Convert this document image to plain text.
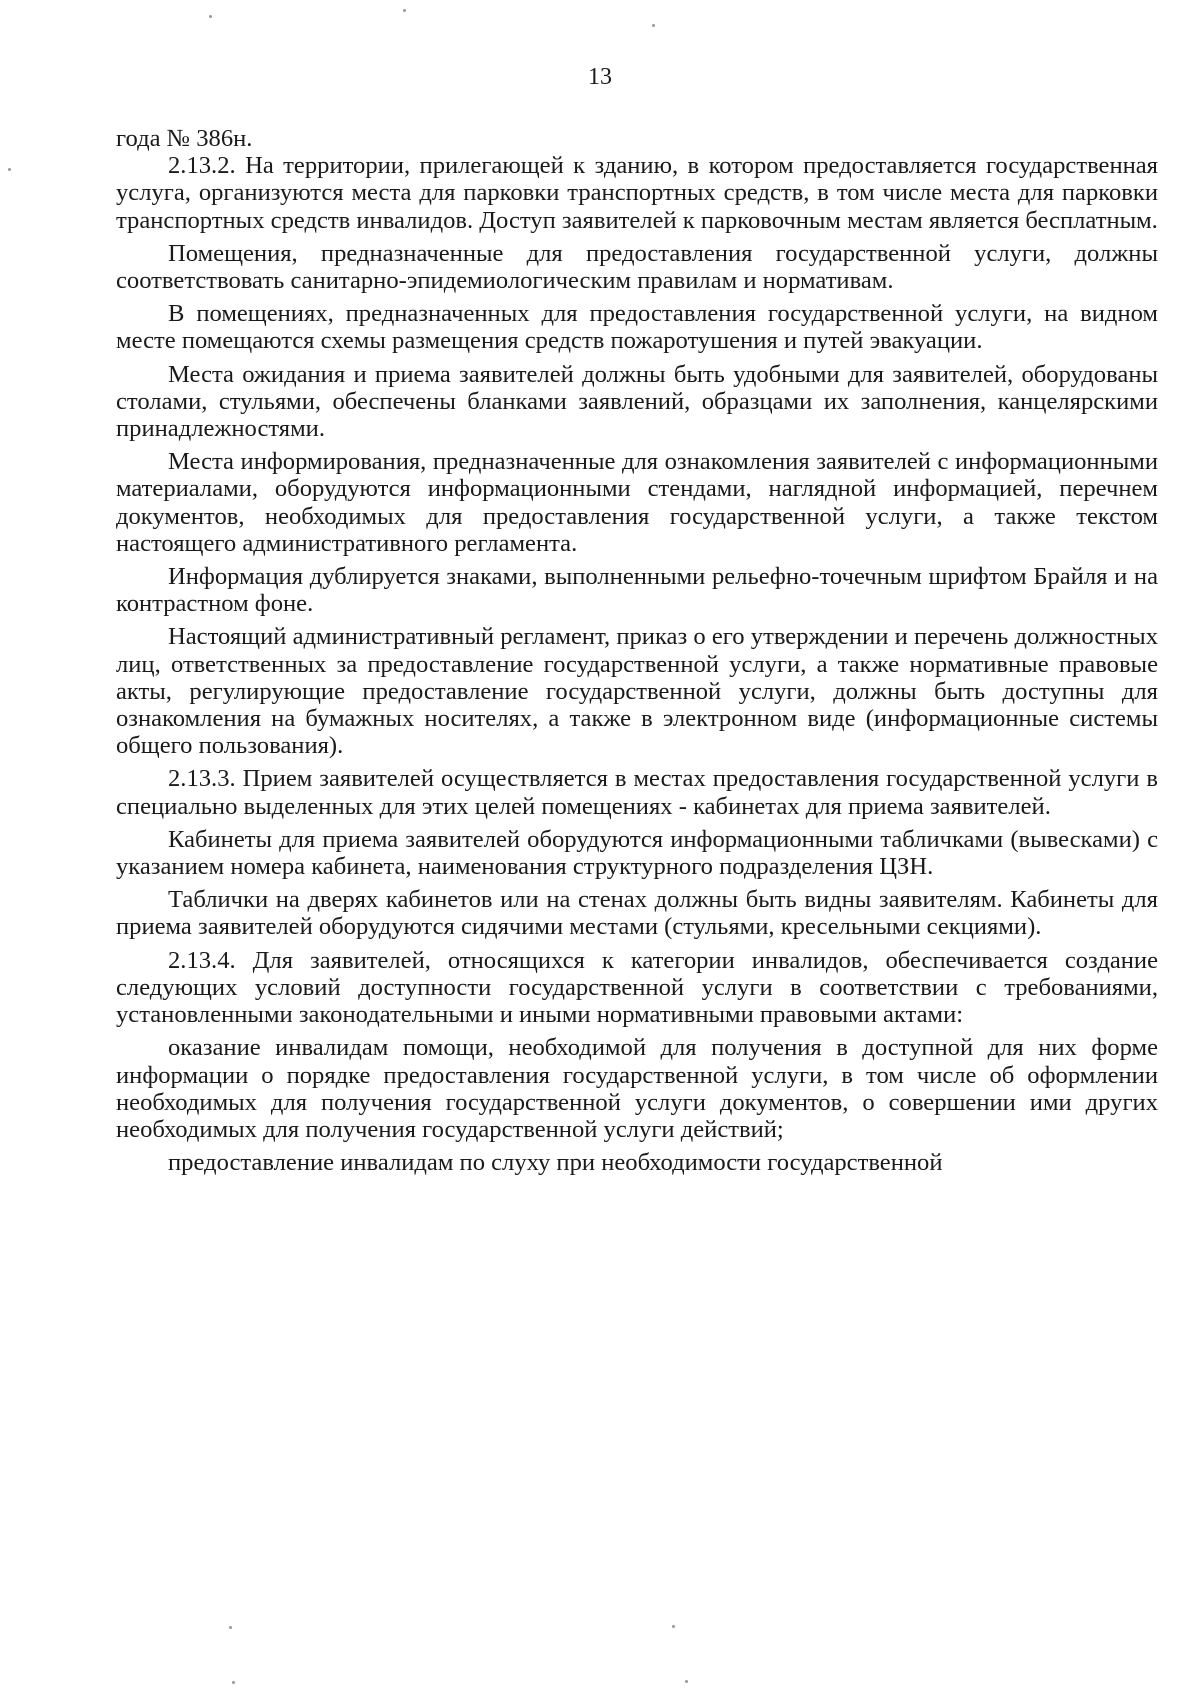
13

года № 386н.

2.13.2. На территории, прилегающей к зданию, в котором предоставляется государственная услуга, организуются места для парковки транспортных средств, в том числе места для парковки транспортных средств инвалидов. Доступ заявителей к парковочным местам является бесплатным.

Помещения, предназначенные для предоставления государственной услуги, должны соответствовать санитарно-эпидемиологическим правилам и нормативам.

В помещениях, предназначенных для предоставления государственной услуги, на видном месте помещаются схемы размещения средств пожаротушения и путей эвакуации.

Места ожидания и приема заявителей должны быть удобными для заявителей, оборудованы столами, стульями, обеспечены бланками заявлений, образцами их заполнения, канцелярскими принадлежностями.

Места информирования, предназначенные для ознакомления заявителей с информационными материалами, оборудуются информационными стендами, наглядной информацией, перечнем документов, необходимых для предоставления государственной услуги, а также текстом настоящего административного регламента.

Информация дублируется знаками, выполненными рельефно-точечным шрифтом Брайля и на контрастном фоне.

Настоящий административный регламент, приказ о его утверждении и перечень должностных лиц, ответственных за предоставление государственной услуги, а также нормативные правовые акты, регулирующие предоставление государственной услуги, должны быть доступны для ознакомления на бумажных носителях, а также в электронном виде (информационные системы общего пользования).

2.13.3. Прием заявителей осуществляется в местах предоставления государственной услуги в специально выделенных для этих целей помещениях - кабинетах для приема заявителей.

Кабинеты для приема заявителей оборудуются информационными табличками (вывесками) с указанием номера кабинета, наименования структурного подразделения ЦЗН.

Таблички на дверях кабинетов или на стенах должны быть видны заявителям. Кабинеты для приема заявителей оборудуются сидячими местами (стульями, кресельными секциями).

2.13.4. Для заявителей, относящихся к категории инвалидов, обеспечивается создание следующих условий доступности государственной услуги в соответствии с требованиями, установленными законодательными и иными нормативными правовыми актами:

оказание инвалидам помощи, необходимой для получения в доступной для них форме информации о порядке предоставления государственной услуги, в том числе об оформлении необходимых для получения государственной услуги документов, о совершении ими других необходимых для получения государственной услуги действий;

предоставление инвалидам по слуху при необходимости государственной
